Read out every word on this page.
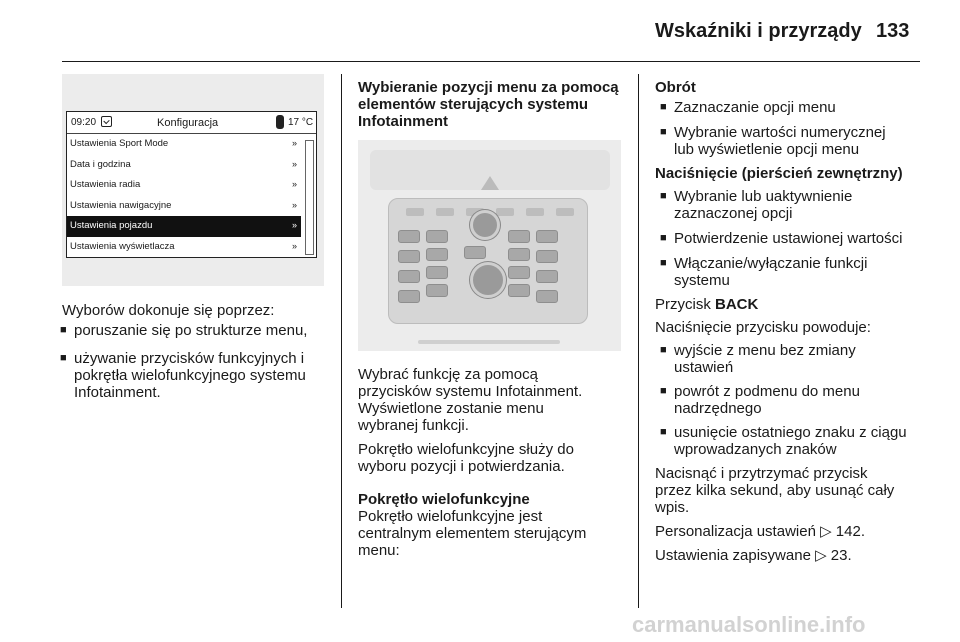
Wskaźniki i przyrządy 133
09:20	Konfiguracja	17 °C
Ustawienia Sport Mode	»
Data i godzina	»
Ustawienia radia	»
Ustawienia nawigacyjne	»
Ustawienia pojazdu	»
Ustawienia wyświetlacza	»
Wyborów dokonuje się poprzez:
■ poruszanie się po strukturze menu,
■ używanie przycisków funkcyjnych i
pokrętła wielofunkcyjnego systemu
Infotainment.
Wybieranie pozycji menu za pomocą
elementów sterujących systemu
Infotainment
Wybrać funkcję za pomocą
przycisków systemu Infotainment.
Wyświetlone zostanie menu
wybranej funkcji.
Pokrętło wielofunkcyjne służy do
wyboru pozycji i potwierdzania.
Pokrętło wielofunkcyjne
Pokrętło wielofunkcyjne jest
centralnym elementem sterującym
menu:
Obrót
■ Zaznaczanie opcji menu
■ Wybranie wartości numerycznej
lub wyświetlenie opcji menu
Naciśnięcie (pierścień zewnętrzny)
■ Wybranie lub uaktywnienie
zaznaczonej opcji
■ Potwierdzenie ustawionej wartości
■ Włączanie/wyłączanie funkcji
systemu
Przycisk BACK
Naciśnięcie przycisku powoduje:
■ wyjście z menu bez zmiany
ustawień
■ powrót z podmenu do menu
nadrzędnego
■ usunięcie ostatniego znaku z ciągu
wprowadzanych znaków
Nacisnąć i przytrzymać przycisk
przez kilka sekund, aby usunąć cały
wpis.
Personalizacja ustawień ▷ 142.
Ustawienia zapisywane ▷ 23.
carmanualsonline.info
